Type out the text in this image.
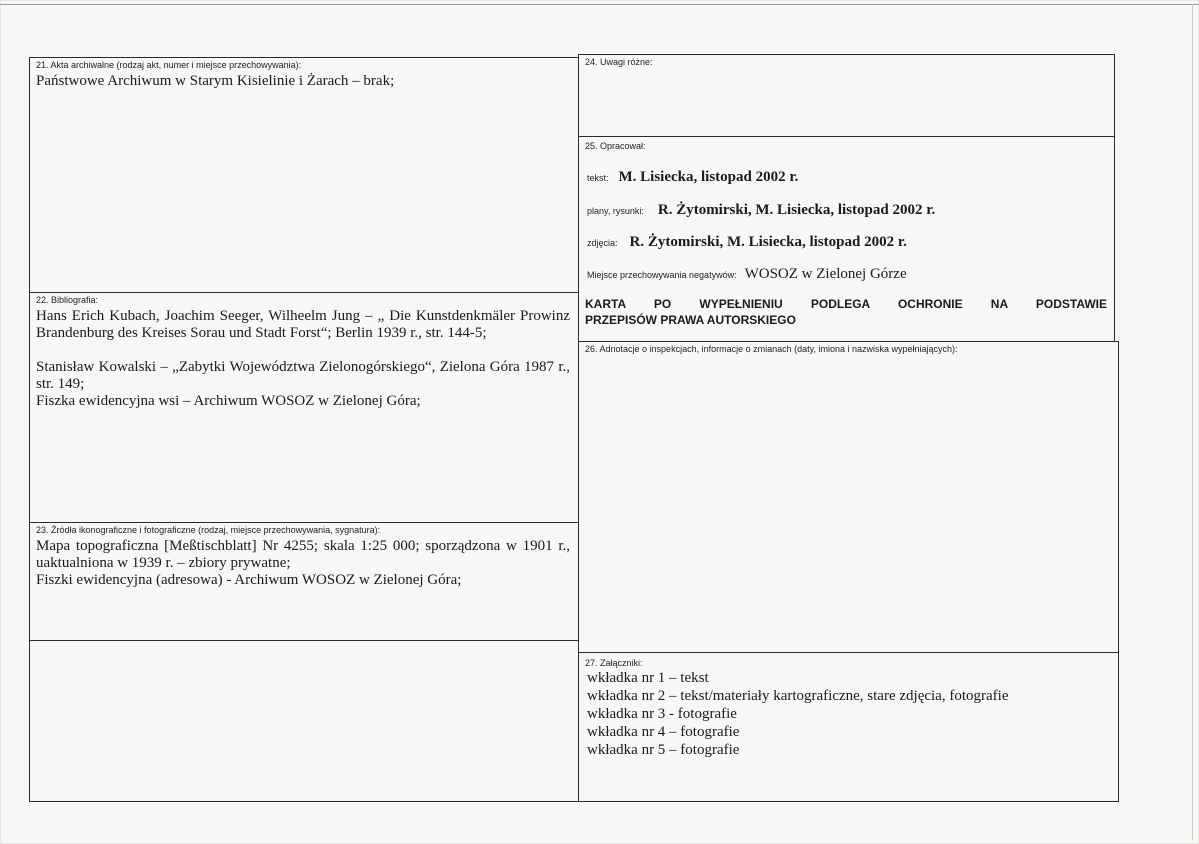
21. Akta archiwalne (rodzaj akt, numer i miejsce przechowywania):
Państwowe Archiwum w Starym Kisielinie i Żarach – brak;
22. Bibliografia:
Hans Erich Kubach, Joachim Seeger, Wilheelm Jung – „ Die Kunstdenkmäler Prowinz Brandenburg des Kreises Sorau und Stadt Forst“; Berlin 1939 r., str. 144-5;
Stanisław Kowalski – „Zabytki Województwa Zielonogórskiego“, Zielona Góra 1987 r., str. 149;
Fiszka ewidencyjna wsi – Archiwum WOSOZ w Zielonej Góra;
23. Źródła ikonograficzne i fotograficzne (rodzaj, miejsce przechowywania, sygnatura):
Mapa topograficzna [Meßtischblatt] Nr 4255; skala 1:25 000; sporządzona w 1901 r., uaktualniona w 1939 r. – zbiory prywatne;
Fiszki ewidencyjna (adresowa) - Archiwum WOSOZ w Zielonej Góra;
24. Uwagi różne:
25. Opracował:
tekst: M. Lisiecka, listopad 2002 r.
plany, rysunki: R. Żytomirski, M. Lisiecka, listopad 2002 r.
zdjęcia: R. Żytomirski, M. Lisiecka, listopad 2002 r.
Miejsce przechowywania negatywów: WOSOZ w Zielonej Górze
KARTA PO WYPEŁNIENIU PODLEGA OCHRONIE NA PODSTAWIE
PRZEPISÓW PRAWA AUTORSKIEGO
26. Adnotacje o inspekcjach, informacje o zmianach (daty, imiona i nazwiska wypełniających):
27. Załączniki:
wkładka nr 1 – tekst
wkładka nr 2 – tekst/materiały kartograficzne, stare zdjęcia, fotografie
wkładka nr 3 - fotografie
wkładka nr 4 – fotografie
wkładka nr 5 – fotografie
